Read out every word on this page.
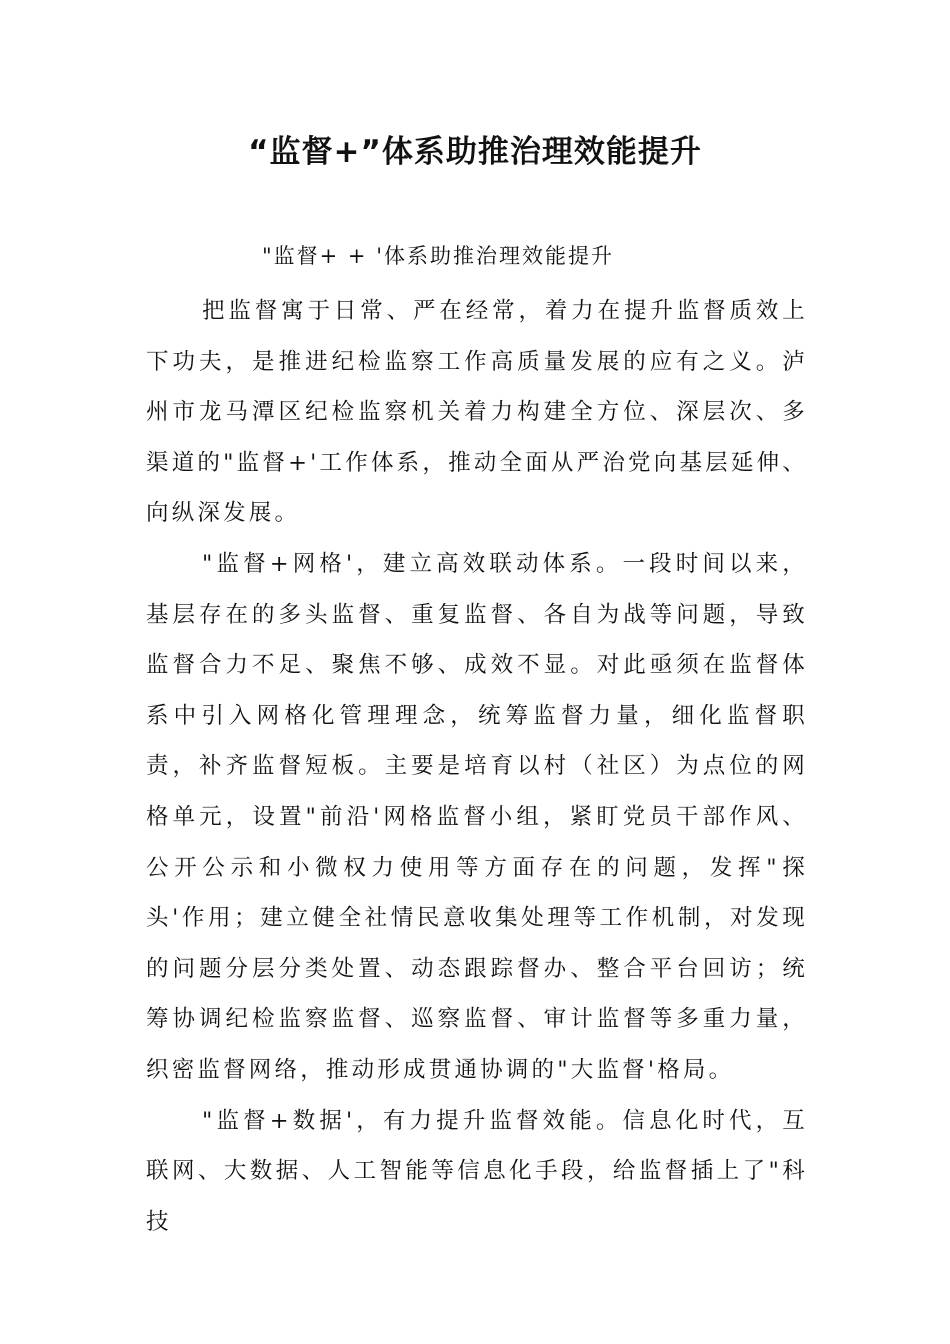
“监督+”体系助推治理效能提升

"监督+ + '体系助推治理效能提升

把监督寓于日常、严在经常，着力在提升监督质效上下功夫，是推进纪检监察工作高质量发展的应有之义。泸州市龙马潭区纪检监察机关着力构建全方位、深层次、多渠道的"监督+'工作体系，推动全面从严治党向基层延伸、向纵深发展。

"监督+网格'，建立高效联动体系。一段时间以来，基层存在的多头监督、重复监督、各自为战等问题，导致监督合力不足、聚焦不够、成效不显。对此亟须在监督体系中引入网格化管理理念，统筹监督力量，细化监督职责，补齐监督短板。主要是培育以村（社区）为点位的网格单元，设置"前沿'网格监督小组，紧盯党员干部作风、公开公示和小微权力使用等方面存在的问题，发挥"探头'作用；建立健全社情民意收集处理等工作机制，对发现的问题分层分类处置、动态跟踪督办、整合平台回访；统筹协调纪检监察监督、巡察监督、审计监督等多重力量，织密监督网络，推动形成贯通协调的"大监督'格局。

"监督+数据'，有力提升监督效能。信息化时代，互联网、大数据、人工智能等信息化手段，给监督插上了"科技
